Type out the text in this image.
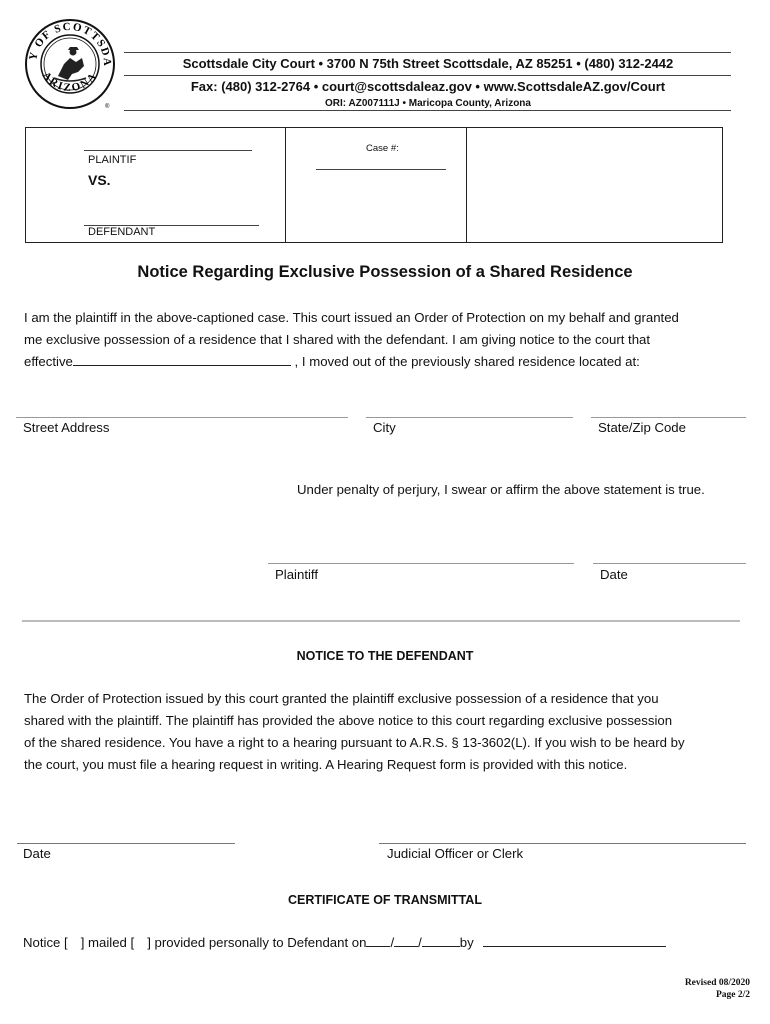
Y OF SCOTTSDA
ARIZONA
®
Scottsdale City Court • 3700 N 75th Street Scottsdale, AZ 85251 • (480) 312-2442
Fax: (480) 312-2764 • court@scottsdaleaz.gov • www.ScottsdaleAZ.gov/Court
ORI: AZ007111J • Maricopa County, Arizona
PLAINTIF
VS.
DEFENDANT
Case #:
Notice Regarding Exclusive Possession of a Shared Residence
I am the plaintiff in the above-captioned case. This court issued an Order of Protection on my behalf and granted
me exclusive possession of a residence that I shared with the defendant. I am giving notice to the court that
effective	, I moved out of the previously shared residence located at:
Street Address	City	State/Zip Code
Under penalty of perjury, I swear or affirm the above statement is true.
Plaintiff	Date
NOTICE TO THE DEFENDANT
The Order of Protection issued by this court granted the plaintiff exclusive possession of a residence that you
shared with the plaintiff. The plaintiff has provided the above notice to this court regarding exclusive possession
of the shared residence. You have a right to a hearing pursuant to A.R.S. § 13-3602(L). If you wish to be heard by
the court, you must file a hearing request in writing. A Hearing Request form is provided with this notice.
Date	Judicial Officer or Clerk
CERTIFICATE OF TRANSMITTAL
Notice [ ] mailed [ ] provided personally to Defendant on / /	by
Revised 08/2020
Page 2/2
